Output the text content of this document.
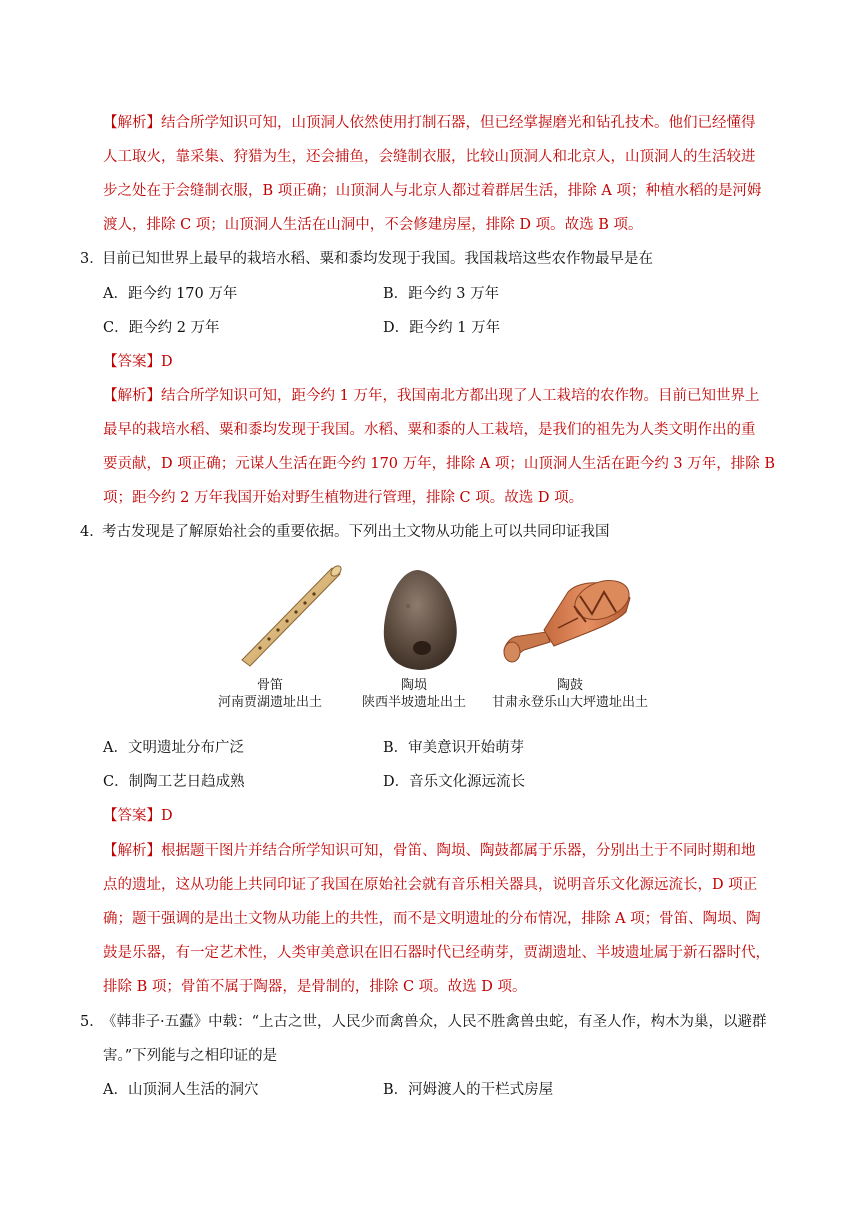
【解析】结合所学知识可知，山顶洞人依然使用打制石器，但已经掌握磨光和钻孔技术。他们已经懂得
人工取火，靠采集、狩猎为生，还会捕鱼，会缝制衣服，比较山顶洞人和北京人，山顶洞人的生活较进
步之处在于会缝制衣服，B 项正确；山顶洞人与北京人都过着群居生活，排除 A 项；种植水稻的是河姆
渡人，排除 C 项；山顶洞人生活在山洞中，不会修建房屋，排除 D 项。故选 B 项。
3．目前已知世界上最早的栽培水稻、粟和黍均发现于我国。我国栽培这些农作物最早是在
A．距今约 170 万年	B．距今约 3 万年
C．距今约 2 万年	D．距今约 1 万年
【答案】D
【解析】结合所学知识可知，距今约 1 万年，我国南北方都出现了人工栽培的农作物。目前已知世界上
最早的栽培水稻、粟和黍均发现于我国。水稻、粟和黍的人工栽培，是我们的祖先为人类文明作出的重
要贡献，D 项正确；元谋人生活在距今约 170 万年，排除 A 项；山顶洞人生活在距今约 3 万年，排除 B
项；距今约 2 万年我国开始对野生植物进行管理，排除 C 项。故选 D 项。
4．考古发现是了解原始社会的重要依据。下列出土文物从功能上可以共同印证我国
骨笛
河南贾湖遗址出土
陶埙
陕西半坡遗址出土
陶鼓
甘肃永登乐山大坪遗址出土
A．文明遗址分布广泛	B．审美意识开始萌芽
C．制陶工艺日趋成熟	D．音乐文化源远流长
【答案】D
【解析】根据题干图片并结合所学知识可知，骨笛、陶埙、陶鼓都属于乐器，分别出土于不同时期和地
点的遗址，这从功能上共同印证了我国在原始社会就有音乐相关器具，说明音乐文化源远流长，D 项正
确；题干强调的是出土文物从功能上的共性，而不是文明遗址的分布情况，排除 A 项；骨笛、陶埙、陶
鼓是乐器，有一定艺术性，人类审美意识在旧石器时代已经萌芽，贾湖遗址、半坡遗址属于新石器时代，
排除 B 项；骨笛不属于陶器，是骨制的，排除 C 项。故选 D 项。
5．《韩非子·五蠹》中载：“上古之世，人民少而禽兽众，人民不胜禽兽虫蛇，有圣人作，构木为巢，以避群
害。”下列能与之相印证的是
A．山顶洞人生活的洞穴	B．河姆渡人的干栏式房屋
